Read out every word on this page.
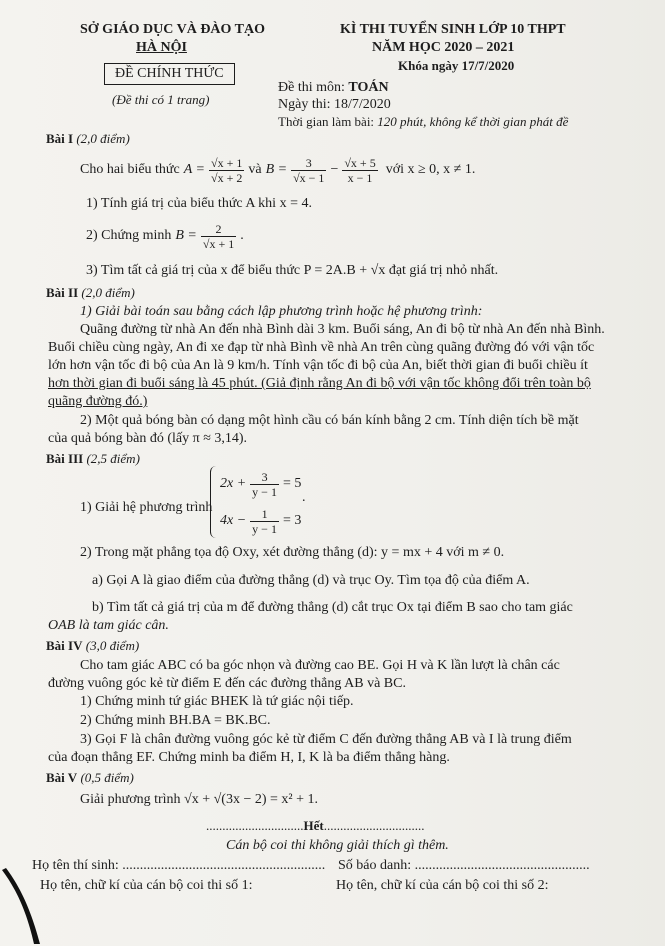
SỞ GIÁO DỤC VÀ ĐÀO TẠO
HÀ NỘI
ĐỀ CHÍNH THỨC
(Đề thi có 1 trang)
KÌ THI TUYỂN SINH LỚP 10 THPT
NĂM HỌC 2020 – 2021
Khóa ngày 17/7/2020
Đề thi môn: TOÁN
Ngày thi: 18/7/2020
Thời gian làm bài: 120 phút, không kể thời gian phát đề
Bài I (2,0 điểm)
Cho hai biểu thức $A = \frac{√x + 1}{√x + 2}$ và $B = \frac{3}{√x - 1} - \frac{√x + 5}{x - 1}$ với x ≥ 0, x ≠ 1.
1) Tính giá trị của biểu thức A khi x = 4.
2) Chứng minh $B = \frac{2}{√x + 1}$ .
3) Tìm tất cả giá trị của x để biểu thức P = 2A.B + √x đạt giá trị nhỏ nhất.
Bài II (2,0 điểm)
1) Giải bài toán sau bằng cách lập phương trình hoặc hệ phương trình:
Quãng đường từ nhà An đến nhà Bình dài 3 km. Buổi sáng, An đi bộ từ nhà An đến nhà Bình.
Buổi chiều cùng ngày, An đi xe đạp từ nhà Bình về nhà An trên cùng quãng đường đó với vận tốc
lớn hơn vận tốc đi bộ của An là 9 km/h. Tính vận tốc đi bộ của An, biết thời gian đi buổi chiều ít
hơn thời gian đi buổi sáng là 45 phút. (Giả định rằng An đi bộ với vận tốc không đổi trên toàn bộ
quãng đường đó.)
2) Một quả bóng bàn có dạng một hình cầu có bán kính bằng 2 cm. Tính diện tích bề mặt
của quả bóng bàn đó (lấy π ≈ 3,14).
Bài III (2,5 điểm)
1) Giải hệ phương trình
$2x + \frac{3}{y - 1} = 5$
.
$4x - \frac{1}{y - 1} = 3$
2) Trong mặt phẳng tọa độ Oxy, xét đường thẳng (d): y = mx + 4 với m ≠ 0.
a) Gọi A là giao điểm của đường thẳng (d) và trục Oy. Tìm tọa độ của điểm A.
b) Tìm tất cả giá trị của m để đường thẳng (d) cắt trục Ox tại điểm B sao cho tam giác
OAB là tam giác cân.
Bài IV (3,0 điểm)
Cho tam giác ABC có ba góc nhọn và đường cao BE. Gọi H và K lần lượt là chân các
đường vuông góc kẻ từ điểm E đến các đường thẳng AB và BC.
1) Chứng minh tứ giác BHEK là tứ giác nội tiếp.
2) Chứng minh BH.BA = BK.BC.
3) Gọi F là chân đường vuông góc kẻ từ điểm C đến đường thẳng AB và I là trung điểm
của đoạn thẳng EF. Chứng minh ba điểm H, I, K là ba điểm thẳng hàng.
Bài V (0,5 điểm)
Giải phương trình √x + √(3x − 2) = x² + 1.
..............................Hết...............................
Cán bộ coi thi không giải thích gì thêm.
Họ tên thí sinh: .......................................................... Số báo danh: ..................................................
Họ tên, chữ kí của cán bộ coi thi số 1:	Họ tên, chữ kí của cán bộ coi thi số 2:
